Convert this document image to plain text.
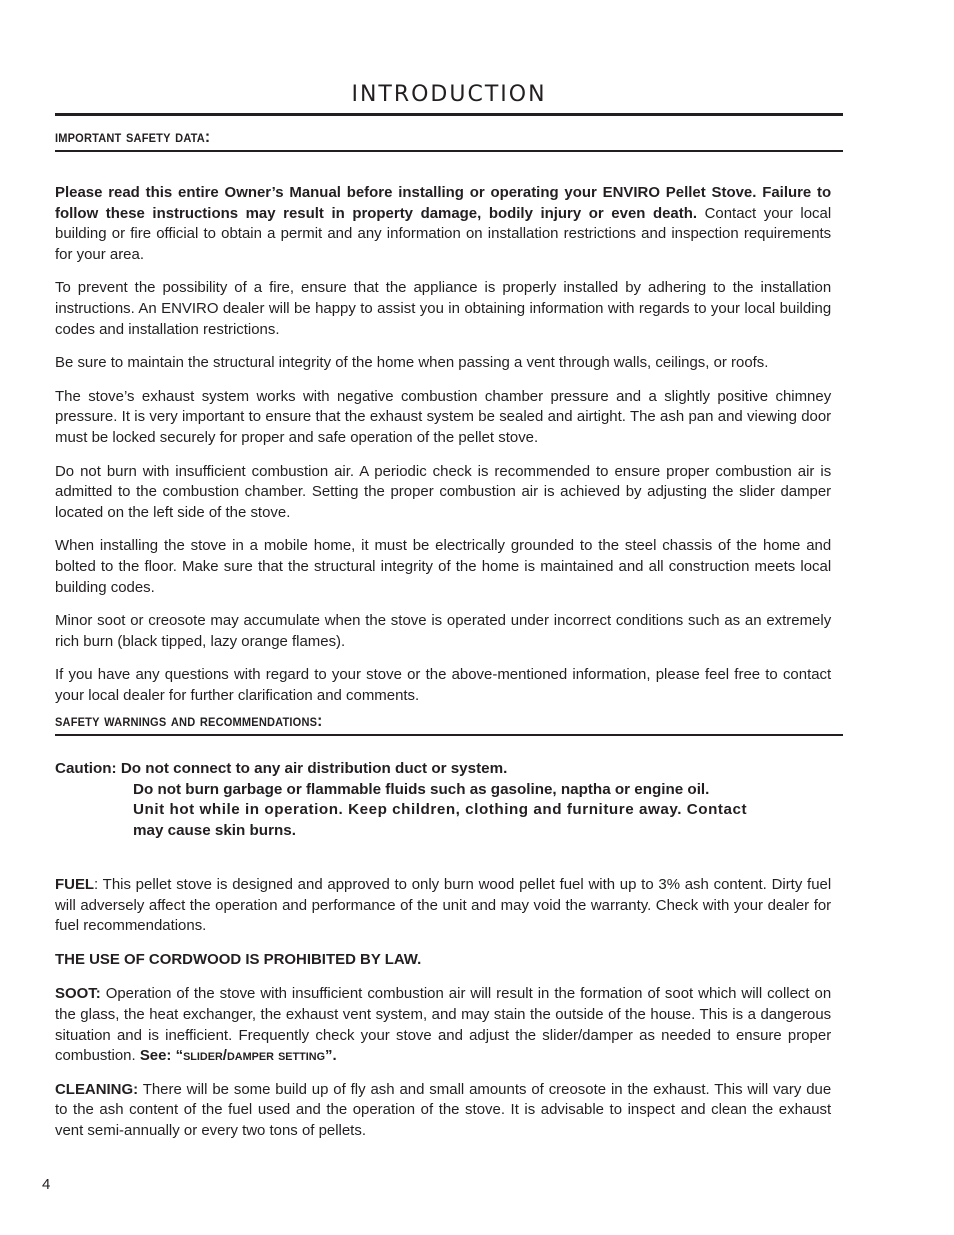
introduction
important safety data:

Please read this entire Owner’s Manual before installing or operating your ENVIRO Pellet Stove. Failure to follow these instructions may result in property damage, bodily injury or even death. Contact your local building or fire official to obtain a permit and any information on installation restrictions and inspection requirements for your area.

To prevent the possibility of a fire, ensure that the appliance is properly installed by adhering to the installation instructions. An ENVIRO dealer will be happy to assist you in obtaining information with regards to your local building codes and installation restrictions.

Be sure to maintain the structural integrity of the home when passing a vent through walls, ceilings, or roofs.

The stove’s exhaust system works with negative combustion chamber pressure and a slightly positive chimney pressure. It is very important to ensure that the exhaust system be sealed and airtight. The ash pan and viewing door must be locked securely for proper and safe operation of the pellet stove.

Do not burn with insufficient combustion air. A periodic check is recommended to ensure proper combustion air is admitted to the combustion chamber. Setting the proper combustion air is achieved by adjusting the slider damper located on the left side of the stove.

When installing the stove in a mobile home, it must be electrically grounded to the steel chassis of the home and bolted to the floor. Make sure that the structural integrity of the home is maintained and all construction meets local building codes.

Minor soot or creosote may accumulate when the stove is operated under incorrect conditions such as an extremely rich burn (black tipped, lazy orange flames).

If you have any questions with regard to your stove or the above-mentioned information, please feel free to contact your local dealer for further clarification and comments.

safety warnings and recommendations:

Caution: Do not connect to any air distribution duct or system.

Do not burn garbage or flammable fluids such as gasoline, naptha or engine oil.

Unit hot while in operation. Keep children, clothing and furniture away. Contact

may cause skin burns.

FUEL: This pellet stove is designed and approved to only burn wood pellet fuel with up to 3% ash content. Dirty fuel will adversely affect the operation and performance of the unit and may void the warranty. Check with your dealer for fuel recommendations.

THE USE OF CORDWOOD IS PROHIBITED BY LAW.

SOOT: Operation of the stove with insufficient combustion air will result in the formation of soot which will collect on the glass, the heat exchanger, the exhaust vent system, and may stain the outside of the house. This is a dangerous situation and is inefficient. Frequently check your stove and adjust the slider/damper as needed to ensure proper combustion. See: “slider/damper setting”.

CLEANING: There will be some build up of fly ash and small amounts of creosote in the exhaust. This will vary due to the ash content of the fuel used and the operation of the stove. It is advisable to inspect and clean the exhaust vent semi-annually or every two tons of pellets.

4
